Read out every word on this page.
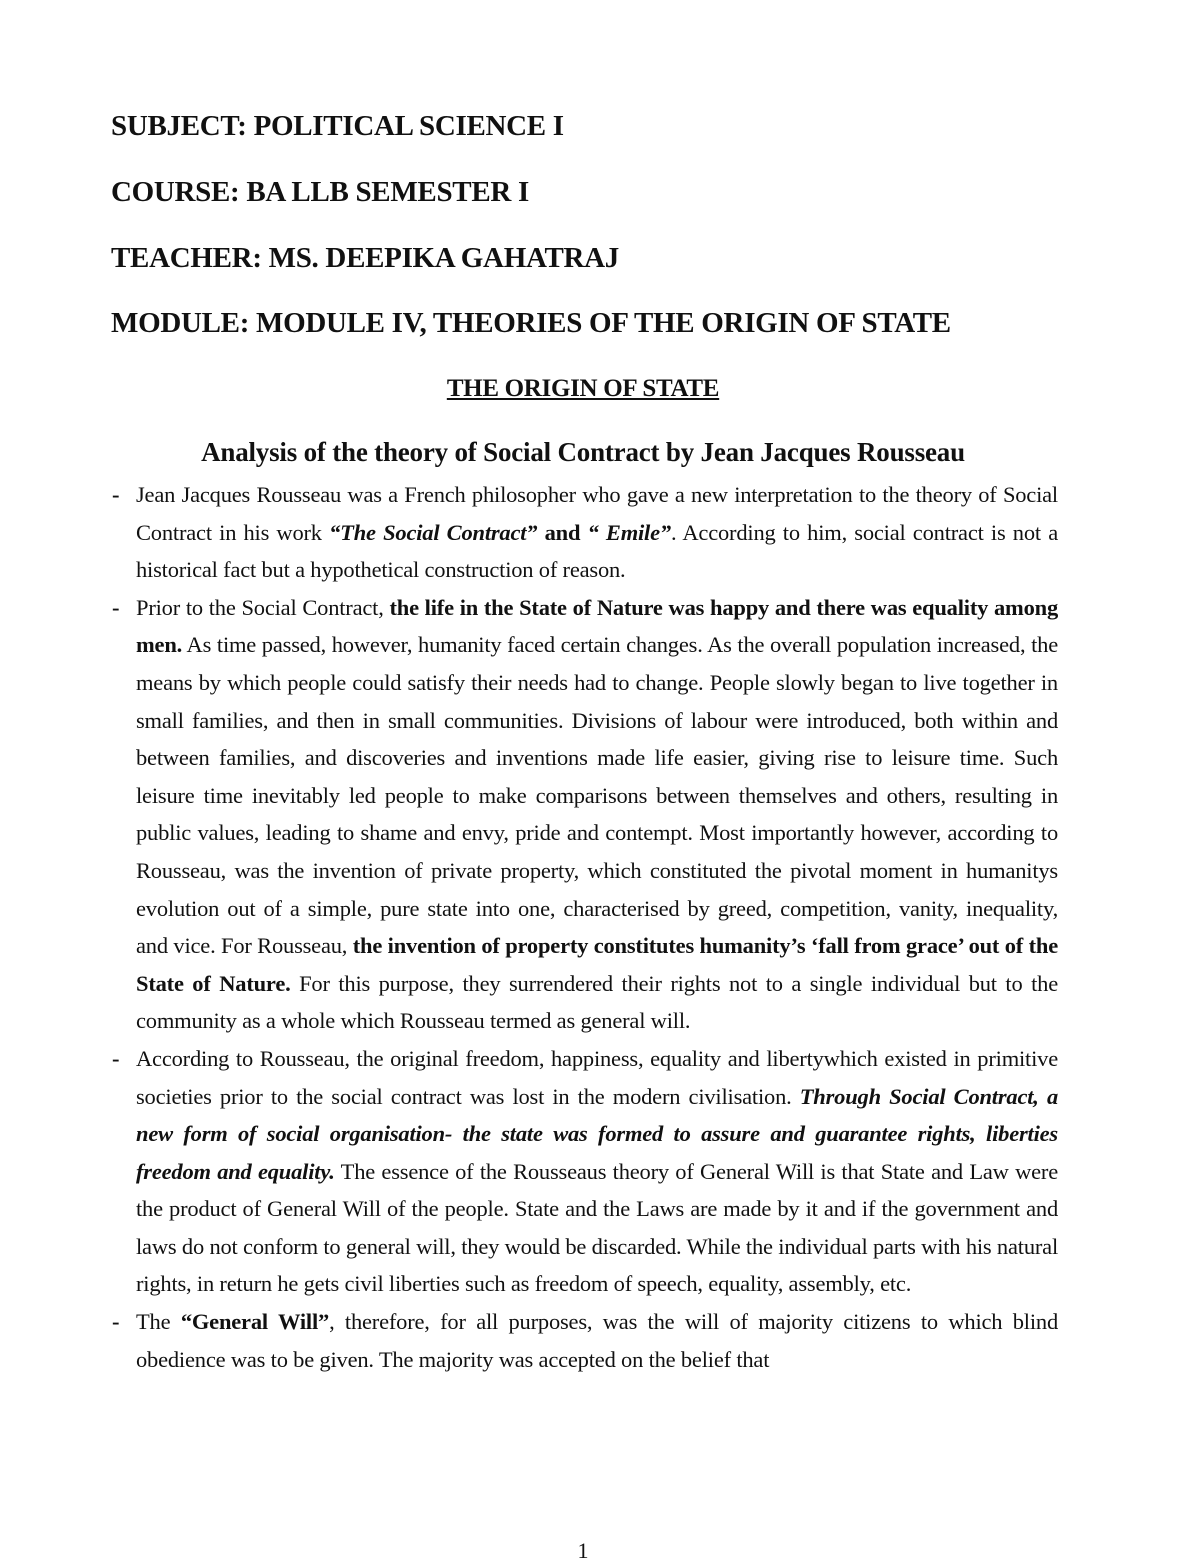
SUBJECT: POLITICAL SCIENCE I
COURSE: BA LLB SEMESTER I
TEACHER: MS. DEEPIKA GAHATRAJ
MODULE: MODULE IV, THEORIES OF THE ORIGIN OF STATE
THE ORIGIN OF STATE
Analysis of the theory of Social Contract by Jean Jacques Rousseau
- Jean Jacques Rousseau was a French philosopher who gave a new interpretation to the theory of Social Contract in his work “The Social Contract” and “ Emile”. According to him, social contract is not a historical fact but a hypothetical construction of reason.
- Prior to the Social Contract, the life in the State of Nature was happy and there was equality among men. As time passed, however, humanity faced certain changes. As the overall population increased, the means by which people could satisfy their needs had to change. People slowly began to live together in small families, and then in small communities. Divisions of labour were introduced, both within and between families, and discoveries and inventions made life easier, giving rise to leisure time. Such leisure time inevitably led people to make comparisons between themselves and others, resulting in public values, leading to shame and envy, pride and contempt. Most importantly however, according to Rousseau, was the invention of private property, which constituted the pivotal moment in humanitys evolution out of a simple, pure state into one, characterised by greed, competition, vanity, inequality, and vice. For Rousseau, the invention of property constitutes humanity’s ‘fall from grace’ out of the State of Nature. For this purpose, they surrendered their rights not to a single individual but to the community as a whole which Rousseau termed as general will.
- According to Rousseau, the original freedom, happiness, equality and libertywhich existed in primitive societies prior to the social contract was lost in the modern civilisation. Through Social Contract, a new form of social organisation- the state was formed to assure and guarantee rights, liberties freedom and equality. The essence of the Rousseaus theory of General Will is that State and Law were the product of General Will of the people. State and the Laws are made by it and if the government and laws do not conform to general will, they would be discarded. While the individual parts with his natural rights, in return he gets civil liberties such as freedom of speech, equality, assembly, etc.
- The “General Will”, therefore, for all purposes, was the will of majority citizens to which blind obedience was to be given. The majority was accepted on the belief that
1
